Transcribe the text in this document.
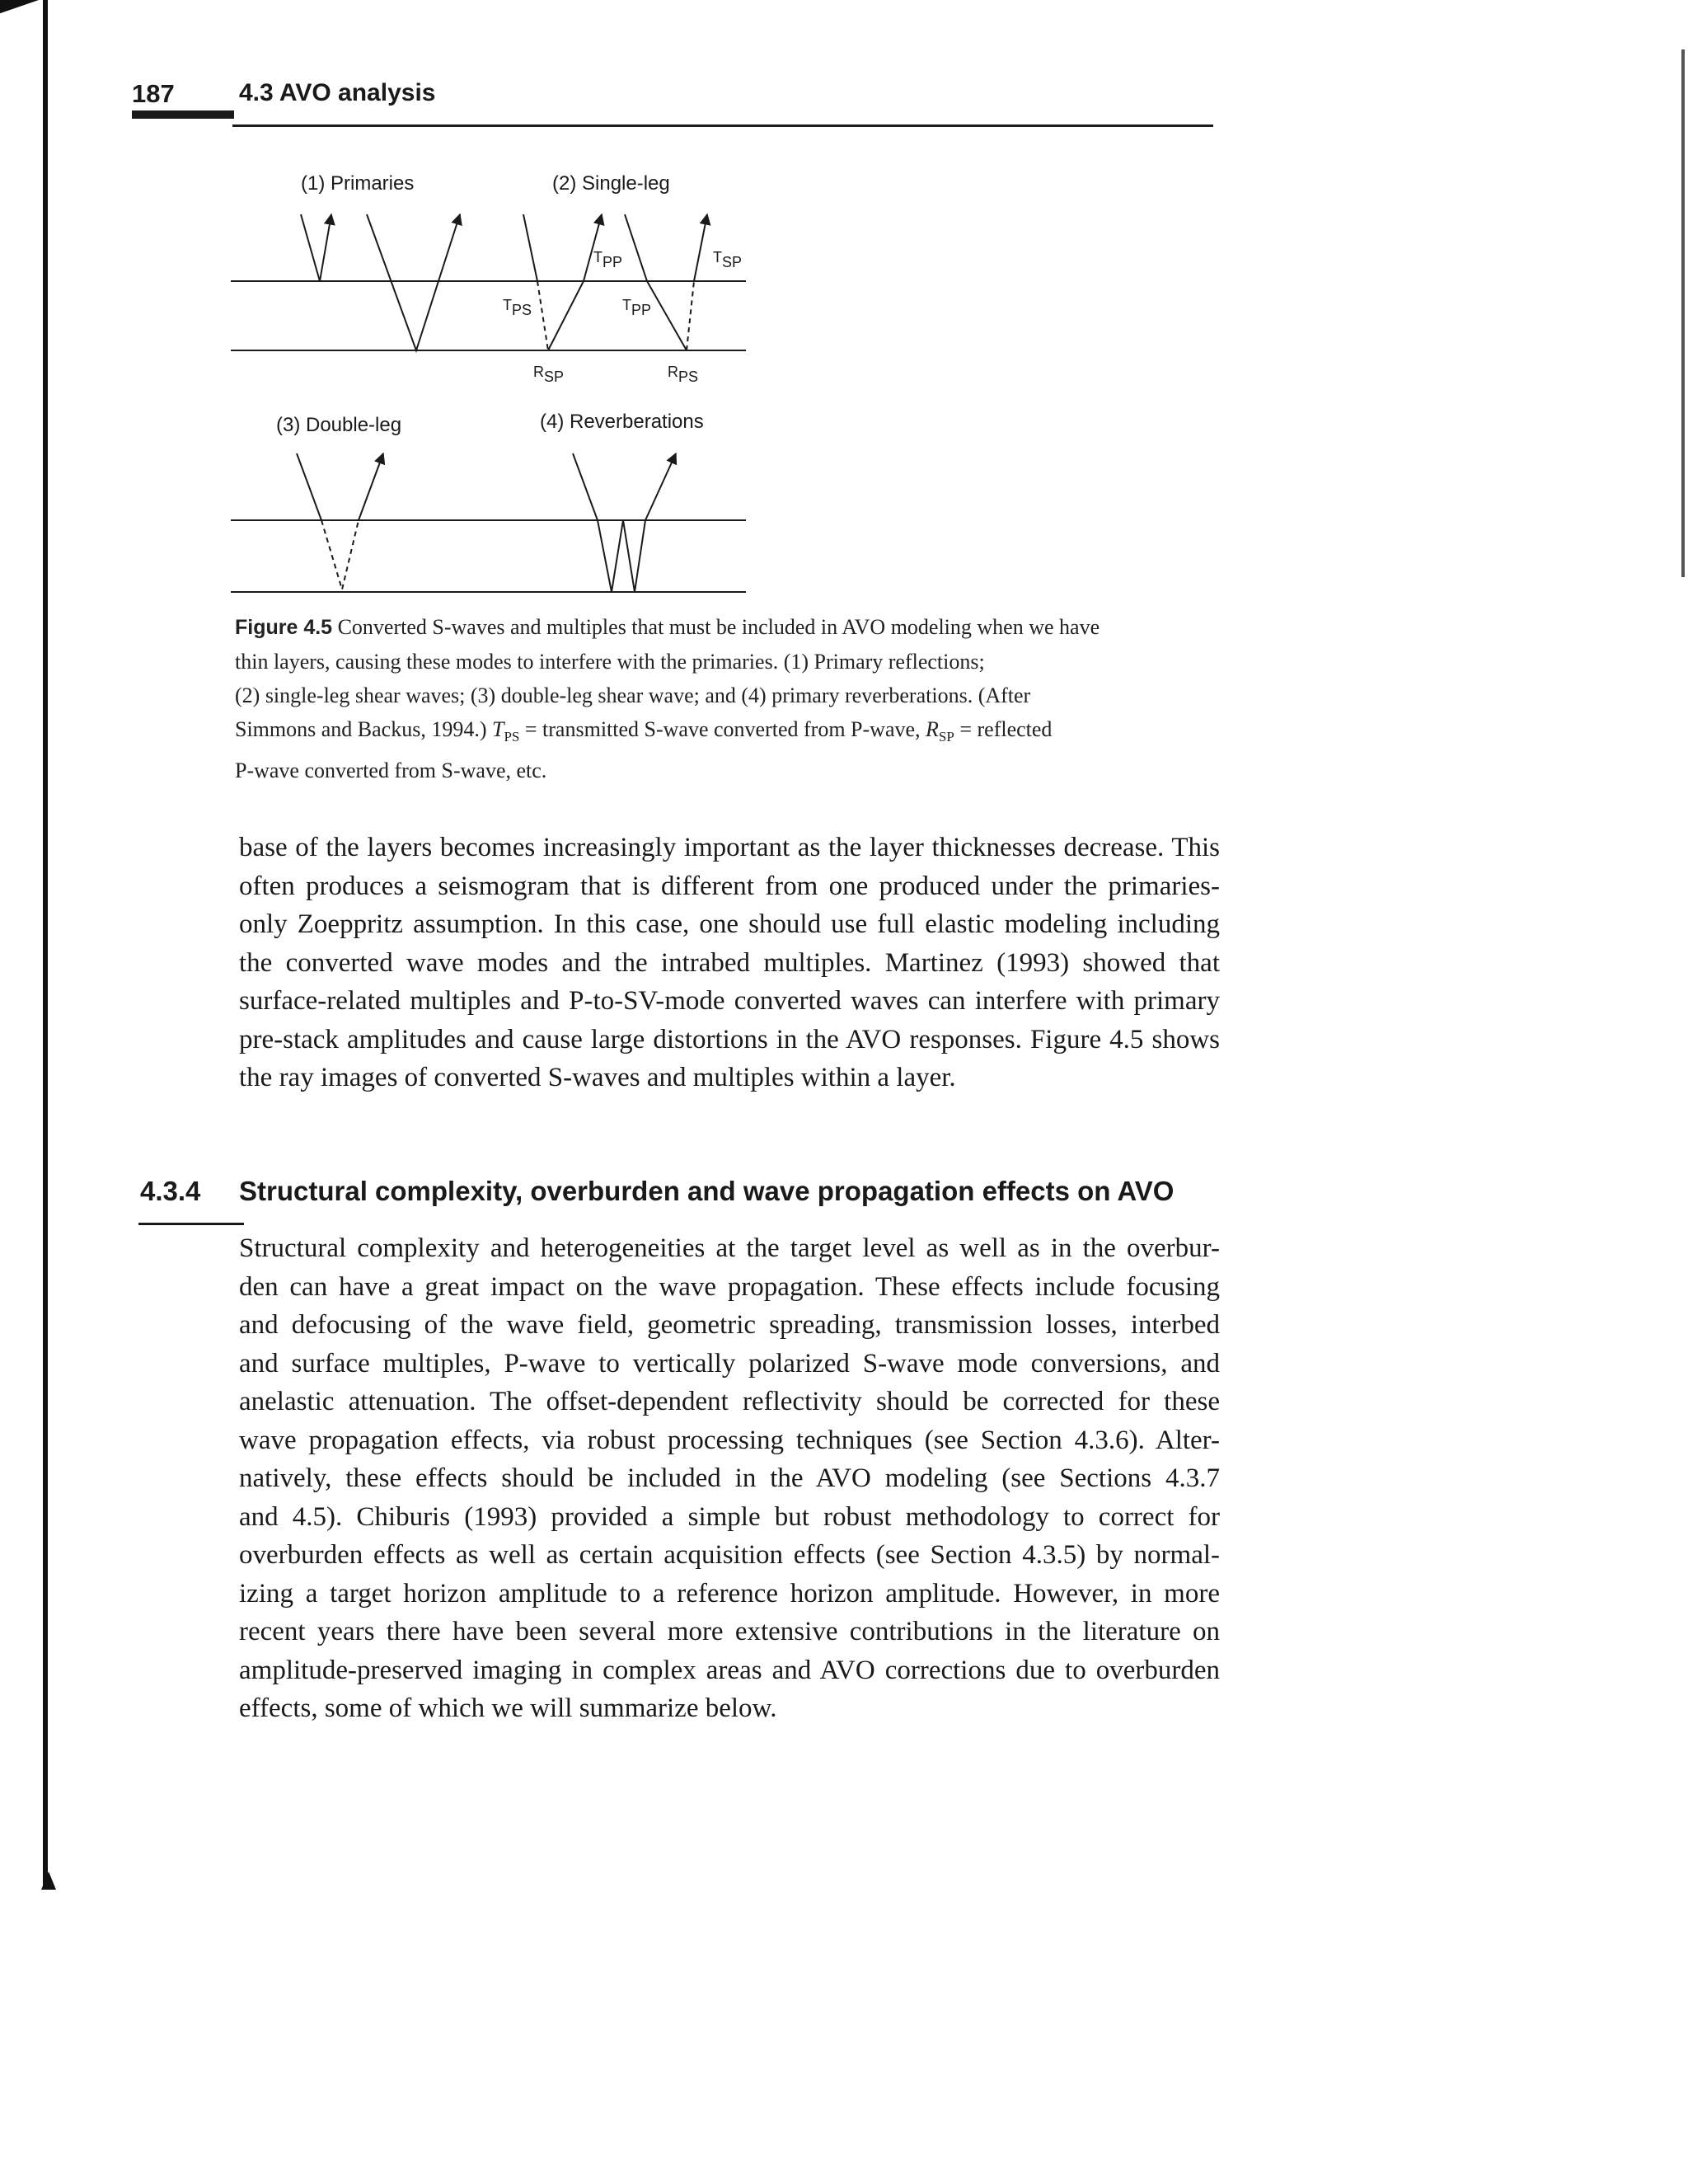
187	4.3 AVO analysis
(1) Primaries	(2) Single-leg
(3) Double-leg	(4) Reverberations
TPS
TPP
TPP
TSP
RSP	RPS
Figure 4.5 Converted S-waves and multiples that must be included in AVO modeling when we have
thin layers, causing these modes to interfere with the primaries. (1) Primary reflections;
(2) single-leg shear waves; (3) double-leg shear wave; and (4) primary reverberations. (After
Simmons and Backus, 1994.) $T_{PS}$ = transmitted S-wave converted from P-wave, $R_{SP}$ = reflected
P-wave converted from S-wave, etc.
base of the layers becomes increasingly important as the layer thicknesses decrease. This
often produces a seismogram that is different from one produced under the primaries-
only Zoeppritz assumption. In this case, one should use full elastic modeling including
the converted wave modes and the intrabed multiples. Martinez (1993) showed that
surface-related multiples and P-to-SV-mode converted waves can interfere with primary
pre-stack amplitudes and cause large distortions in the AVO responses. Figure 4.5 shows
the ray images of converted S-waves and multiples within a layer.
4.3.4 Structural complexity, overburden and wave propagation effects on AVO
Structural complexity and heterogeneities at the target level as well as in the overbur-
den can have a great impact on the wave propagation. These effects include focusing
and defocusing of the wave field, geometric spreading, transmission losses, interbed
and surface multiples, P-wave to vertically polarized S-wave mode conversions, and
anelastic attenuation. The offset-dependent reflectivity should be corrected for these
wave propagation effects, via robust processing techniques (see Section 4.3.6). Alter-
natively, these effects should be included in the AVO modeling (see Sections 4.3.7
and 4.5). Chiburis (1993) provided a simple but robust methodology to correct for
overburden effects as well as certain acquisition effects (see Section 4.3.5) by normal-
izing a target horizon amplitude to a reference horizon amplitude. However, in more
recent years there have been several more extensive contributions in the literature on
amplitude-preserved imaging in complex areas and AVO corrections due to overburden
effects, some of which we will summarize below.
